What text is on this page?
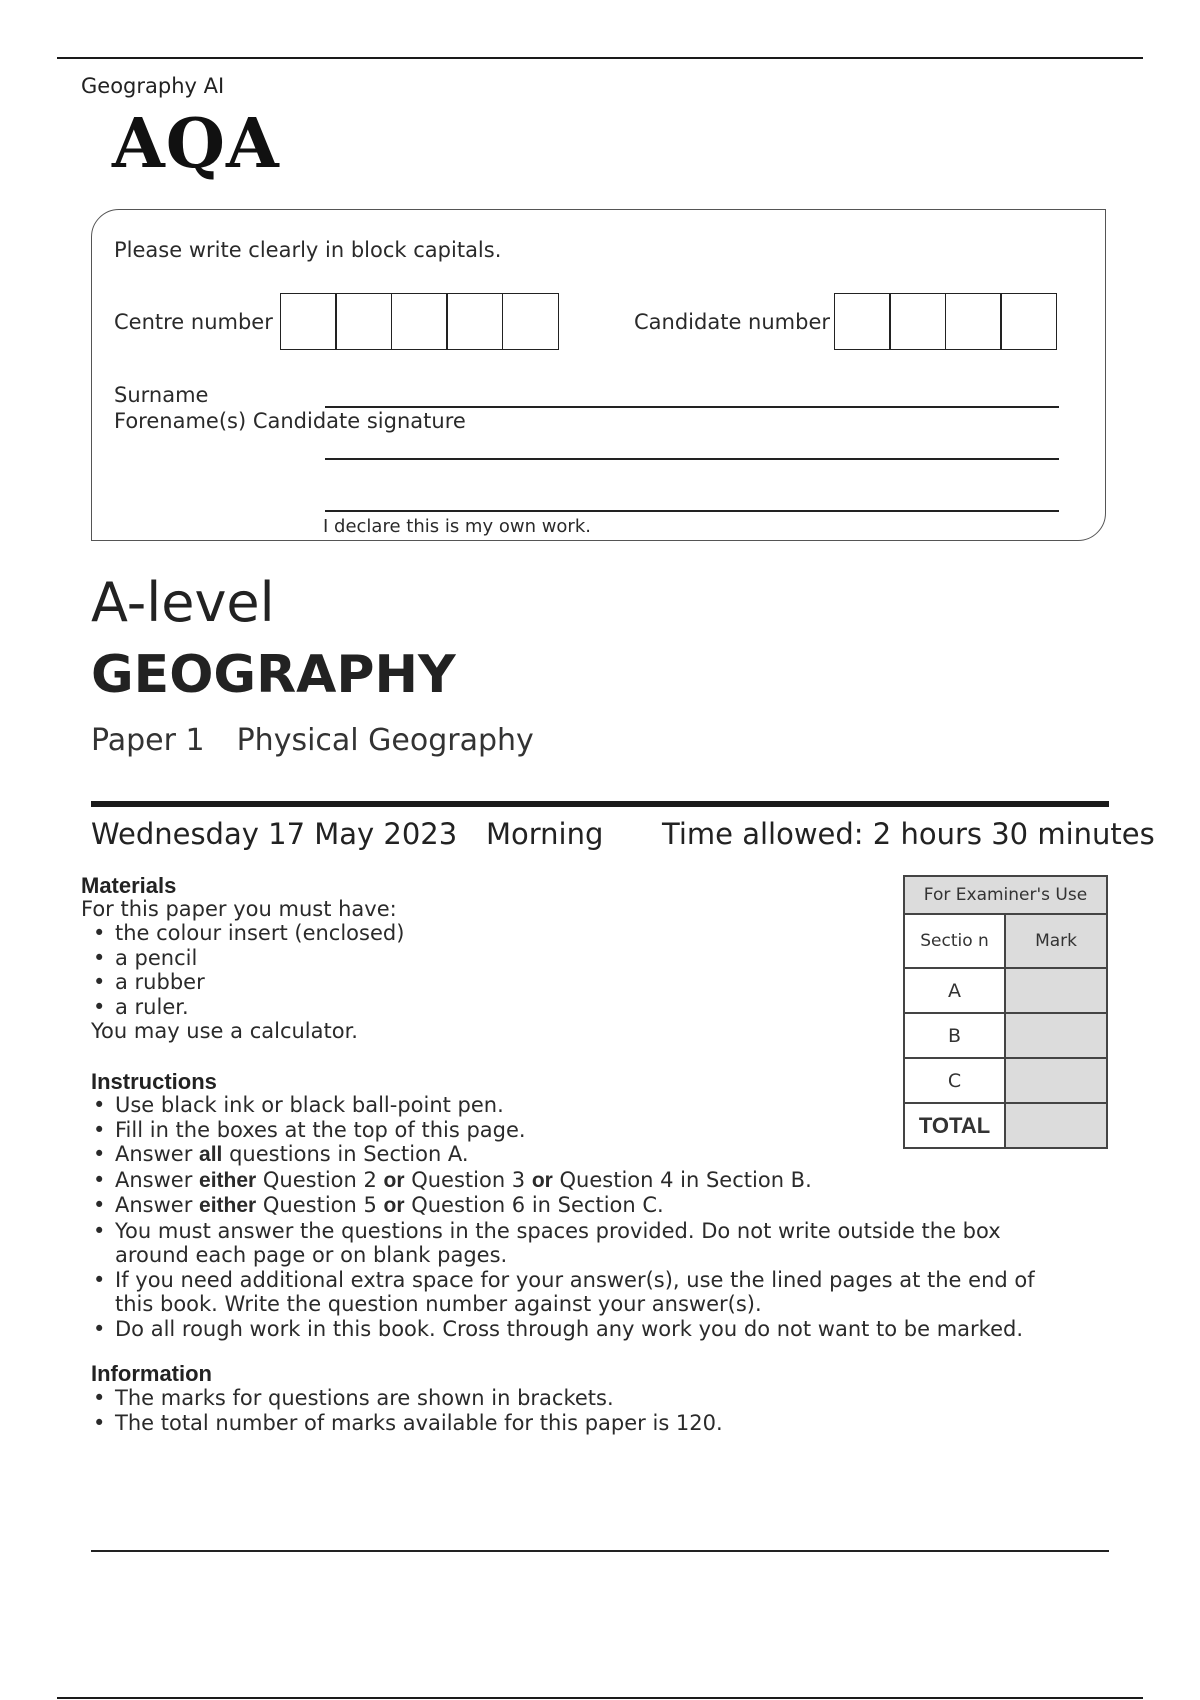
Geography AI
AQA
Please write clearly in block capitals.
Centre number	Candidate number
Surname
Forename(s) Candidate signature
I declare this is my own work.
A-level
GEOGRAPHY
Paper 1 Physical Geography
Wednesday 17 May 2023 Morning Time allowed: 2 hours 30 minutes
Materials
For this paper you must have:
• the colour insert (enclosed)
• a pencil
• a rubber
• a ruler.
You may use a calculator.
Instructions
• Use black ink or black ball-point pen.
• Fill in the boxes at the top of this page.
• Answer all questions in Section A.
• Answer either Question 2 or Question 3 or Question 4 in Section B.
• Answer either Question 5 or Question 6 in Section C.
• You must answer the questions in the spaces provided. Do not write outside the box around each page or on blank pages.
• If you need additional extra space for your answer(s), use the lined pages at the end of this book. Write the question number against your answer(s).
• Do all rough work in this book. Cross through any work you do not want to be marked.
Information
• The marks for questions are shown in brackets.
• The total number of marks available for this paper is 120.
For Examiner's Use	
Sectio n	Mark
A	
B	
C	
TOTAL	
